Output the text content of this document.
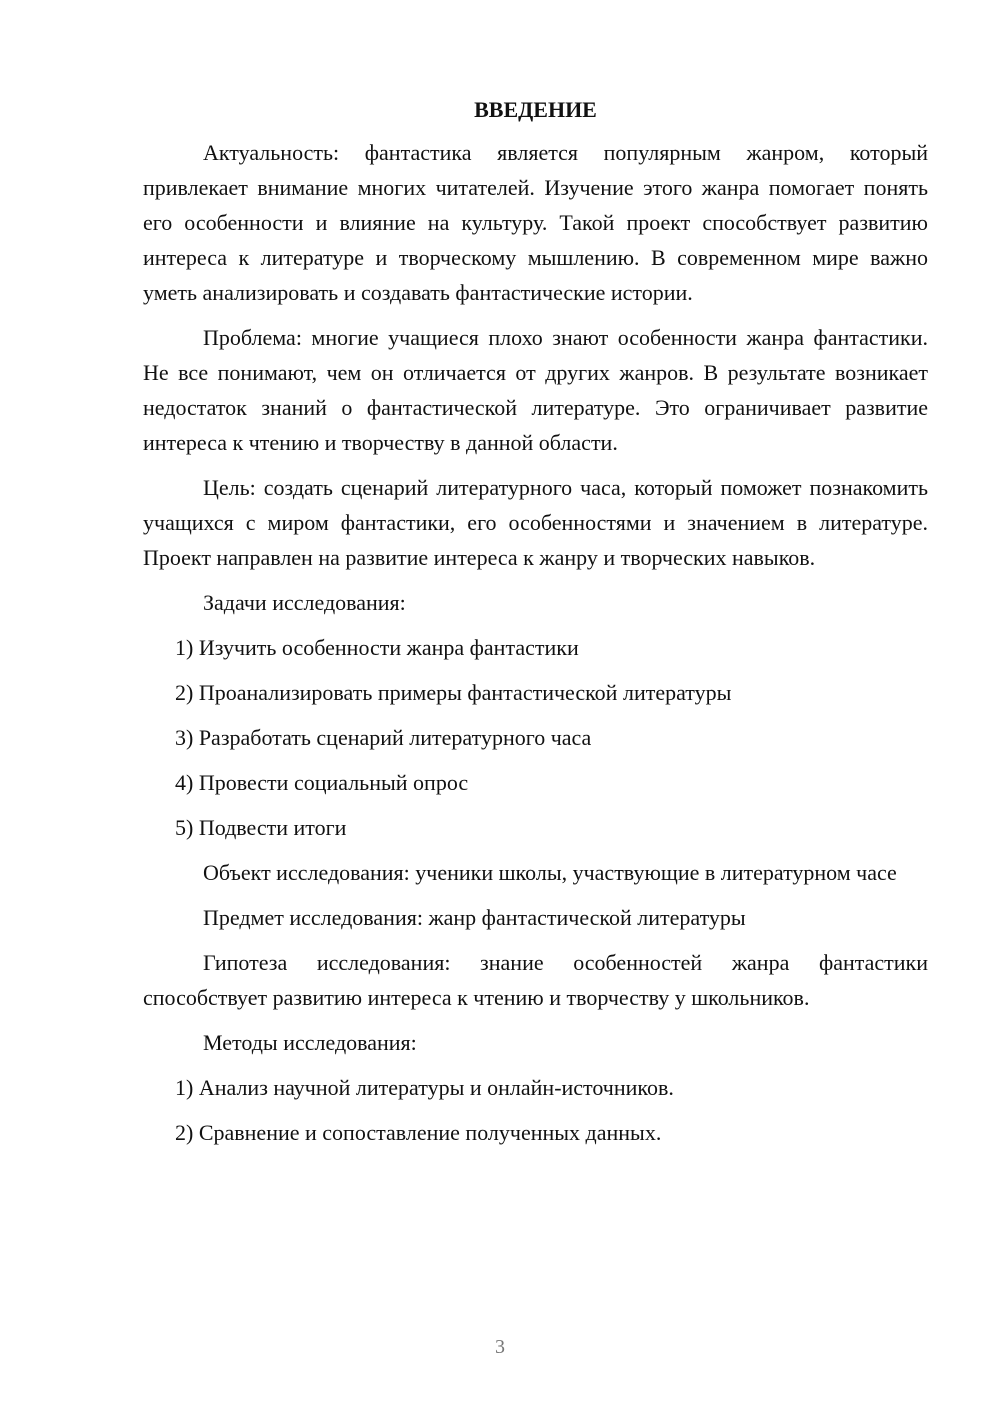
ВВЕДЕНИЕ

Актуальность: фантастика является популярным жанром, который привлекает внимание многих читателей. Изучение этого жанра помогает понять его особенности и влияние на культуру. Такой проект способствует развитию интереса к литературе и творческому мышлению. В современном мире важно уметь анализировать и создавать фантастические истории.

Проблема: многие учащиеся плохо знают особенности жанра фантастики. Не все понимают, чем он отличается от других жанров. В результате возникает недостаток знаний о фантастической литературе. Это ограничивает развитие интереса к чтению и творчеству в данной области.

Цель: создать сценарий литературного часа, который поможет познакомить учащихся с миром фантастики, его особенностями и значением в литературе. Проект направлен на развитие интереса к жанру и творческих навыков.

Задачи исследования:

1) Изучить особенности жанра фантастики

2) Проанализировать примеры фантастической литературы

3) Разработать сценарий литературного часа

4) Провести социальный опрос

5) Подвести итоги

Объект исследования: ученики школы, участвующие в литературном часе

Предмет исследования: жанр фантастической литературы

Гипотеза исследования: знание особенностей жанра фантастики способствует развитию интереса к чтению и творчеству у школьников.

Методы исследования:

1) Анализ научной литературы и онлайн-источников.

2) Сравнение и сопоставление полученных данных.

3
